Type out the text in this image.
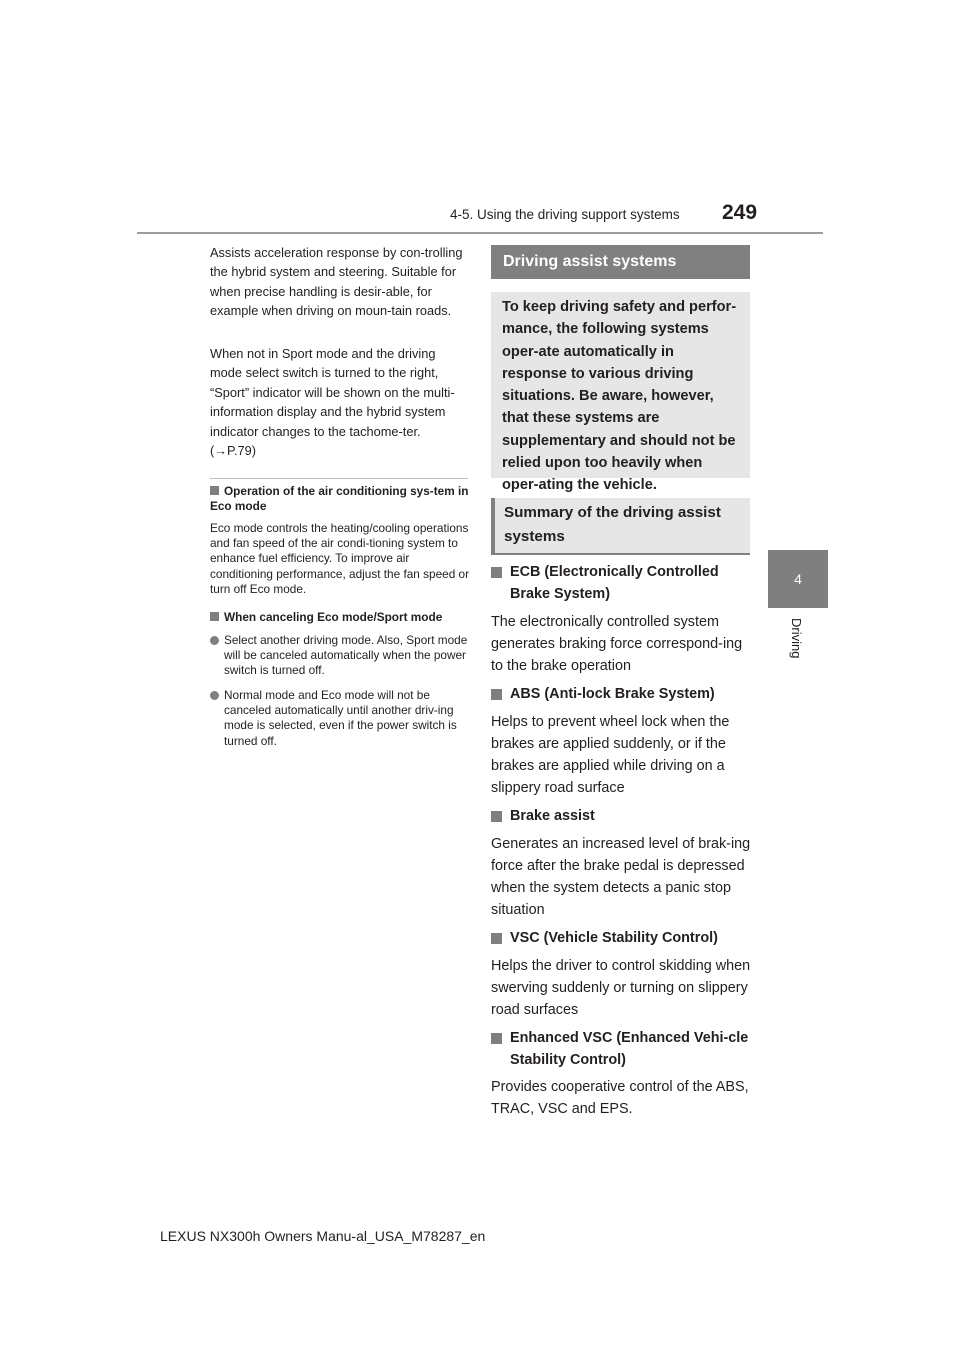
4-5. Using the driving support systems	249
4
Driving
Assists acceleration response by con-trolling the hybrid system and steering. Suitable for when precise handling is desir-able, for example when driving on moun-tain roads.
When not in Sport mode and the driving mode select switch is turned to the right, “Sport” indicator will be shown on the multi-information display and the hybrid system indicator changes to the tachome-ter. (→P.79)
Operation of the air conditioning sys-tem in Eco mode
Eco mode controls the heating/cooling operations and fan speed of the air condi-tioning system to enhance fuel efficiency. To improve air conditioning performance, adjust the fan speed or turn off Eco mode.
When canceling Eco mode/Sport mode
Select another driving mode. Also, Sport mode will be canceled automatically when the power switch is turned off.
Normal mode and Eco mode will not be canceled automatically until another driv-ing mode is selected, even if the power switch is turned off.
Driving assist systems
To keep driving safety and perfor-mance, the following systems oper-ate automatically in response to various driving situations. Be aware, however, that these systems are supplementary and should not be relied upon too heavily when oper-ating the vehicle.
Summary of the driving assist systems
ECB (Electronically Controlled Brake System)
The electronically controlled system generates braking force correspond-ing to the brake operation
ABS (Anti-lock Brake System)
Helps to prevent wheel lock when the brakes are applied suddenly, or if the brakes are applied while driving on a slippery road surface
Brake assist
Generates an increased level of brak-ing force after the brake pedal is depressed when the system detects a panic stop situation
VSC (Vehicle Stability Control)
Helps the driver to control skidding when swerving suddenly or turning on slippery road surfaces
Enhanced VSC (Enhanced Vehi-cle Stability Control)
Provides cooperative control of the ABS, TRAC, VSC and EPS.
LEXUS NX300h Owners Manu-al_USA_M78287_en
